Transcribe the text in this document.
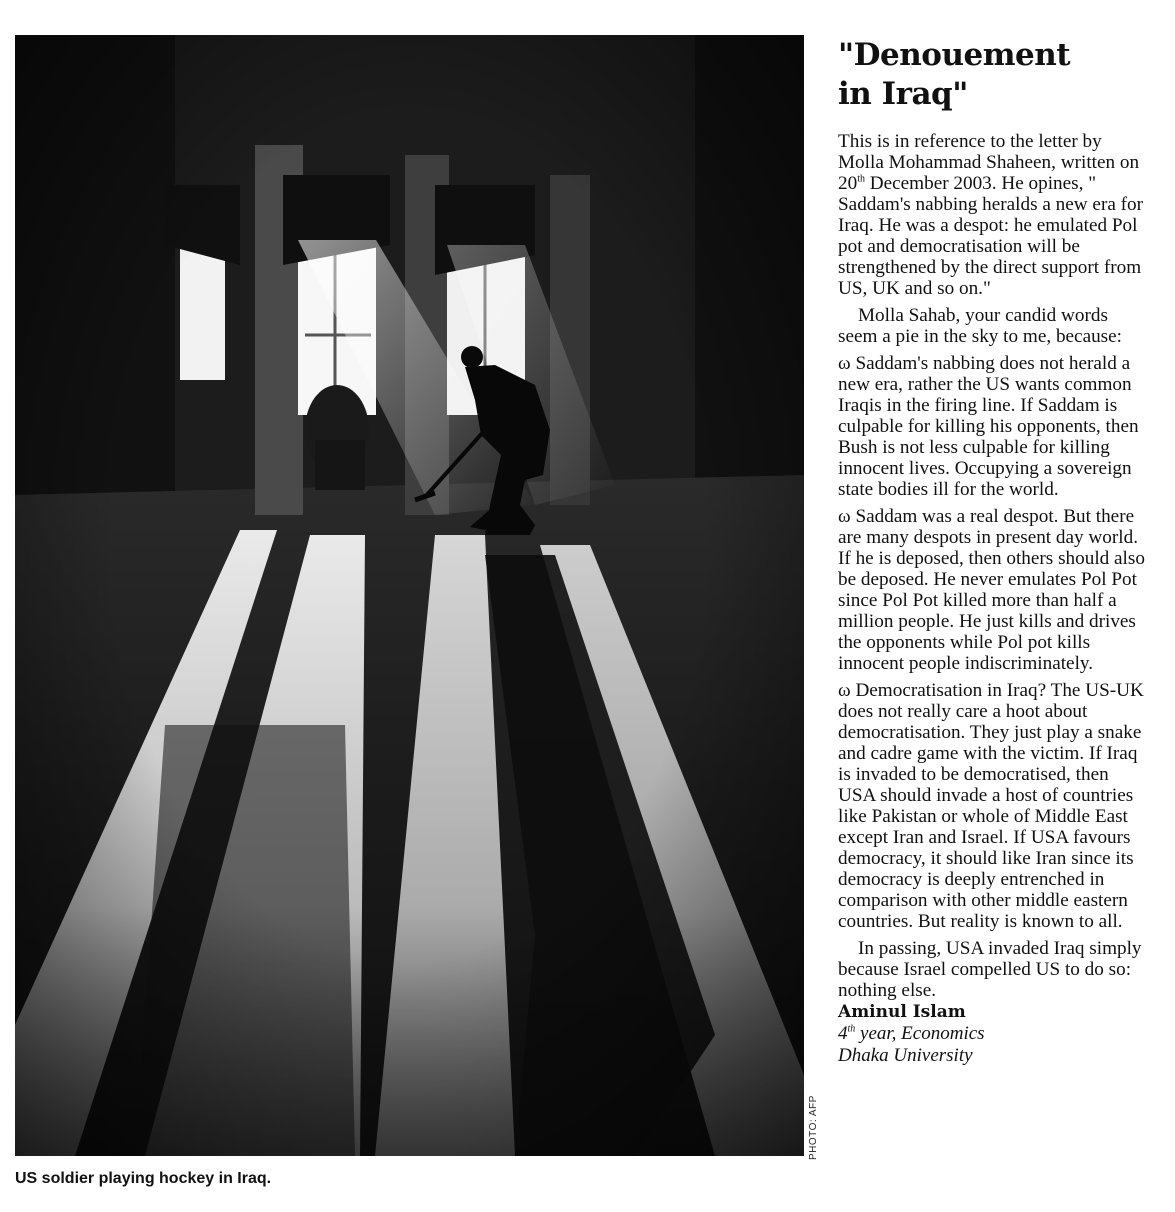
PHOTO: AFP
US soldier playing hockey in Iraq.
"Denouement
in Iraq"

This is in reference to the letter by Molla Mohammad Shaheen, written on 20th December 2003. He opines, " Saddam's nabbing heralds a new era for Iraq. He was a despot: he emulated Pol pot and democratisation will be strengthened by the direct support from US, UK and so on."

Molla Sahab, your candid words seem a pie in the sky to me, because:

ω Saddam's nabbing does not herald a new era, rather the US wants common Iraqis in the firing line. If Saddam is culpable for killing his opponents, then Bush is not less culpable for killing innocent lives. Occupying a sovereign state bodies ill for the world.

ω Saddam was a real despot. But there are many despots in present day world. If he is deposed, then others should also be deposed. He never emulates Pol Pot since Pol Pot killed more than half a million people. He just kills and drives the opponents while Pol pot kills innocent people indiscriminately.

ω Democratisation in Iraq? The US-UK does not really care a hoot about democratisation. They just play a snake and cadre game with the victim. If Iraq is invaded to be democratised, then USA should invade a host of countries like Pakistan or whole of Middle East except Iran and Israel. If USA favours democracy, it should like Iran since its democracy is deeply entrenched in comparison with other middle eastern countries. But reality is known to all.

In passing, USA invaded Iraq simply because Israel compelled US to do so: nothing else.

Aminul Islam
4th year, Economics
Dhaka University
